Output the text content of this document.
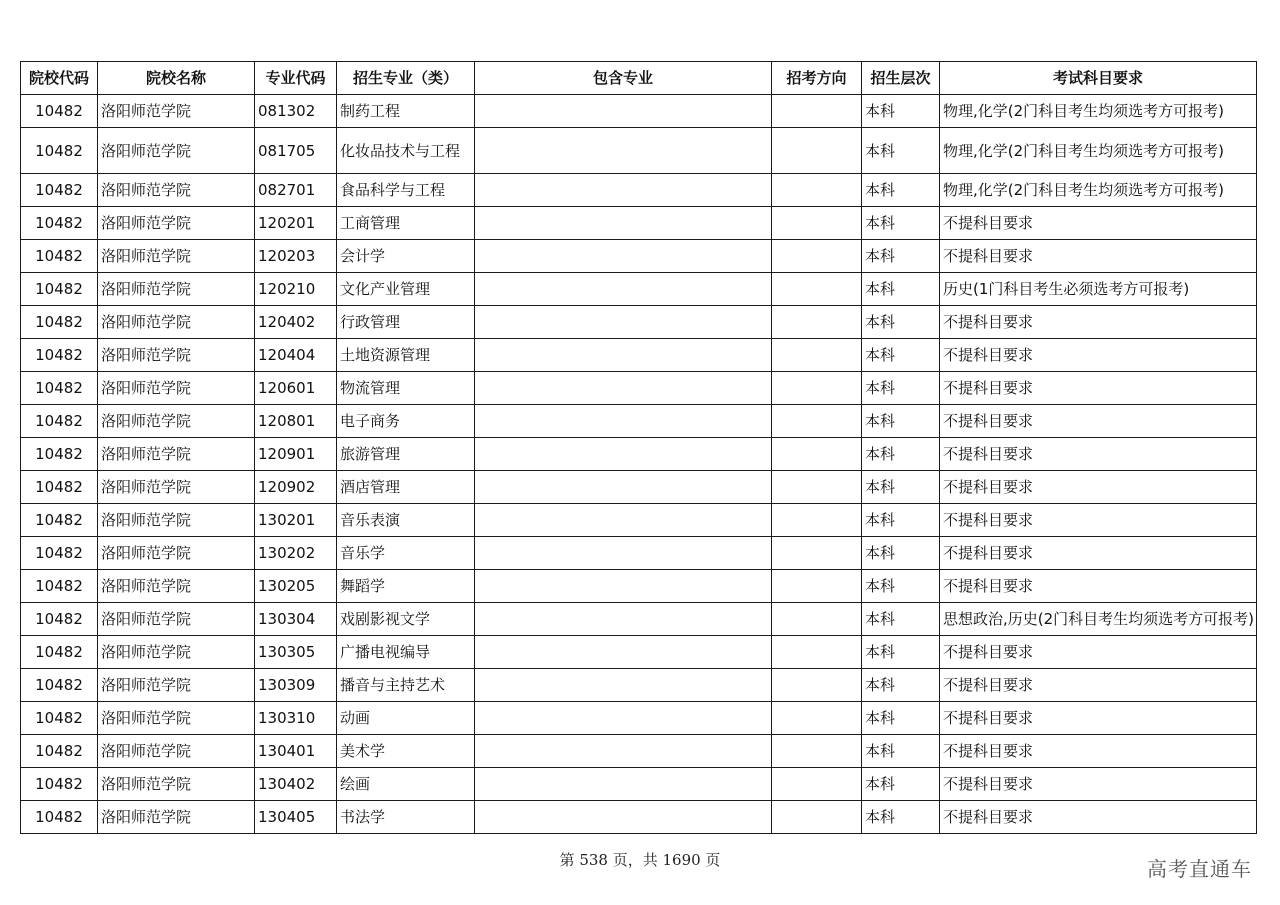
院校代码	院校名称	专业代码	招生专业（类）	包含专业	招考方向	招生层次	考试科目要求
10482	洛阳师范学院	081302	制药工程			本科	物理,化学(2门科目考生均须选考方可报考)
10482	洛阳师范学院	081705	化妆品技术与工程			本科	物理,化学(2门科目考生均须选考方可报考)
10482	洛阳师范学院	082701	食品科学与工程			本科	物理,化学(2门科目考生均须选考方可报考)
10482	洛阳师范学院	120201	工商管理			本科	不提科目要求
10482	洛阳师范学院	120203	会计学			本科	不提科目要求
10482	洛阳师范学院	120210	文化产业管理			本科	历史(1门科目考生必须选考方可报考)
10482	洛阳师范学院	120402	行政管理			本科	不提科目要求
10482	洛阳师范学院	120404	土地资源管理			本科	不提科目要求
10482	洛阳师范学院	120601	物流管理			本科	不提科目要求
10482	洛阳师范学院	120801	电子商务			本科	不提科目要求
10482	洛阳师范学院	120901	旅游管理			本科	不提科目要求
10482	洛阳师范学院	120902	酒店管理			本科	不提科目要求
10482	洛阳师范学院	130201	音乐表演			本科	不提科目要求
10482	洛阳师范学院	130202	音乐学			本科	不提科目要求
10482	洛阳师范学院	130205	舞蹈学			本科	不提科目要求
10482	洛阳师范学院	130304	戏剧影视文学			本科	思想政治,历史(2门科目考生均须选考方可报考)
10482	洛阳师范学院	130305	广播电视编导			本科	不提科目要求
10482	洛阳师范学院	130309	播音与主持艺术			本科	不提科目要求
10482	洛阳师范学院	130310	动画			本科	不提科目要求
10482	洛阳师范学院	130401	美术学			本科	不提科目要求
10482	洛阳师范学院	130402	绘画			本科	不提科目要求
10482	洛阳师范学院	130405	书法学			本科	不提科目要求
第 538 页，共 1690 页	高考直通车
